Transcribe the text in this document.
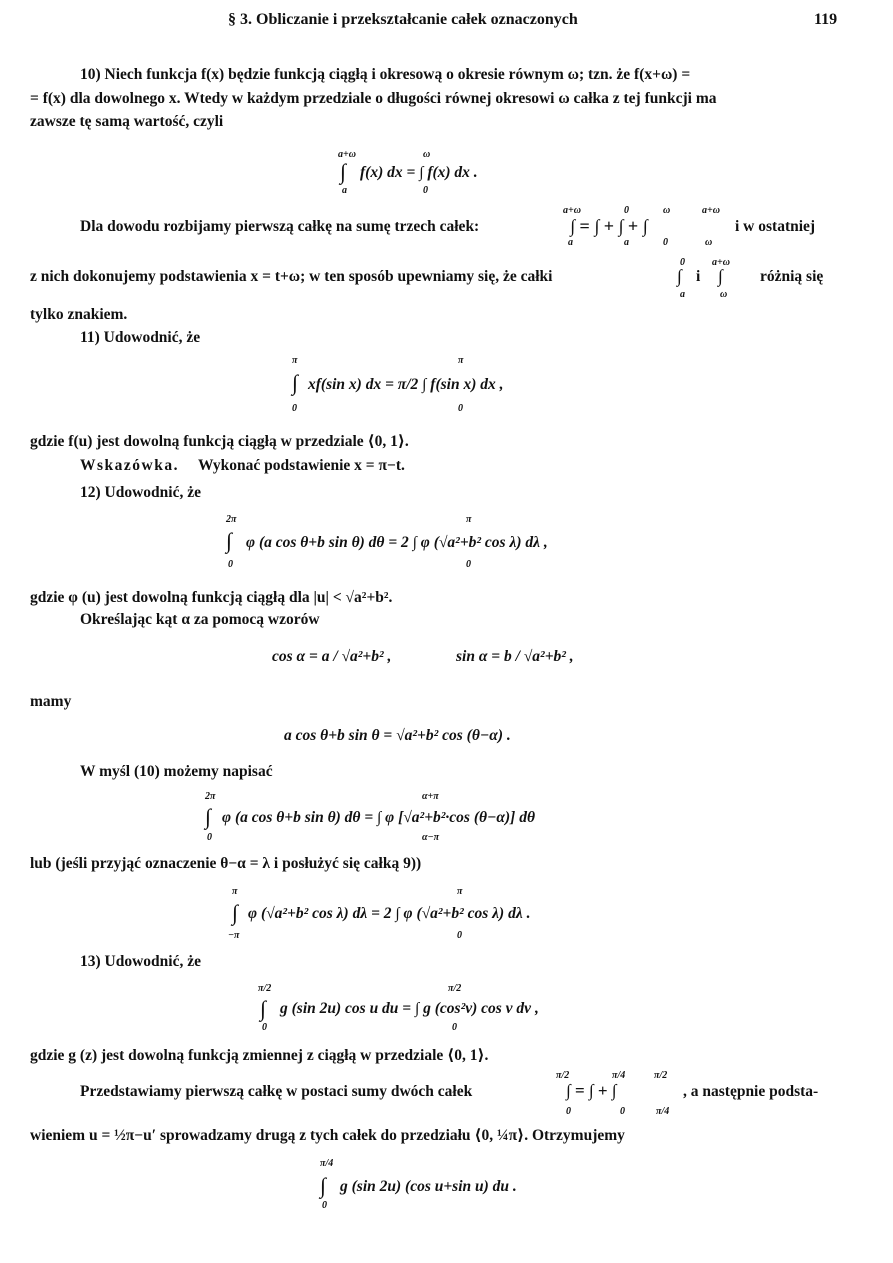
§ 3. Obliczanie i przekształcanie całek oznaczonych	119
10) Niech funkcja f(x) będzie funkcją ciągłą i okresową o okresie równym ω; tzn. że f(x+ω) =
= f(x) dla dowolnego x. Wtedy w każdym przedziale o długości równej okresowi ω całka z tej funkcji ma
zawsze tę samą wartość, czyli
a+ω
∫
a
f(x) dx = ∫ f(x) dx .
ω
0
Dla dowodu rozbijamy pierwszą całkę na sumę trzech całek:	∫ = ∫ + ∫ + ∫
a+ω	0	ω	a+ω
a	a	0	ω
i w ostatniej
z nich dokonujemy podstawienia x = t+ω; w ten sposób upewniamy się, że całki
0
∫
a
i
a+ω
∫
ω
różnią się
tylko znakiem.
11) Udowodnić, że
π
∫
0
xf(sin x) dx = π/2 ∫ f(sin x) dx ,
π
0
gdzie f(u) jest dowolną funkcją ciągłą w przedziale ⟨0, 1⟩.
Wskazówka. Wykonać podstawienie x = π−t.
12) Udowodnić, że
2π
∫
0
φ (a cos θ+b sin θ) dθ = 2 ∫ φ (√a²+b² cos λ) dλ ,
π
0
gdzie φ (u) jest dowolną funkcją ciągłą dla |u| < √a²+b².
Określając kąt α za pomocą wzorów
cos α = a / √a²+b² ,	sin α = b / √a²+b² ,
mamy
a cos θ+b sin θ = √a²+b² cos (θ−α) .
W myśl (10) możemy napisać
2π
∫
0
φ (a cos θ+b sin θ) dθ = ∫ φ [√a²+b²·cos (θ−α)] dθ
α+π
α−π
lub (jeśli przyjąć oznaczenie θ−α = λ i posłużyć się całką 9))
π
∫
−π
φ (√a²+b² cos λ) dλ = 2 ∫ φ (√a²+b² cos λ) dλ .
π
0
13) Udowodnić, że
π/2
∫
0
g (sin 2u) cos u du = ∫ g (cos²v) cos v dv ,
π/2
0
gdzie g (z) jest dowolną funkcją zmiennej z ciągłą w przedziale ⟨0, 1⟩.
Przedstawiamy pierwszą całkę w postaci sumy dwóch całek	∫ = ∫ + ∫
π/2	π/4	π/2
0	0	π/4
, a następnie podsta-
wieniem u = ½π−u′ sprowadzamy drugą z tych całek do przedziału ⟨0, ¼π⟩. Otrzymujemy
π/4
∫
0
g (sin 2u) (cos u+sin u) du .
